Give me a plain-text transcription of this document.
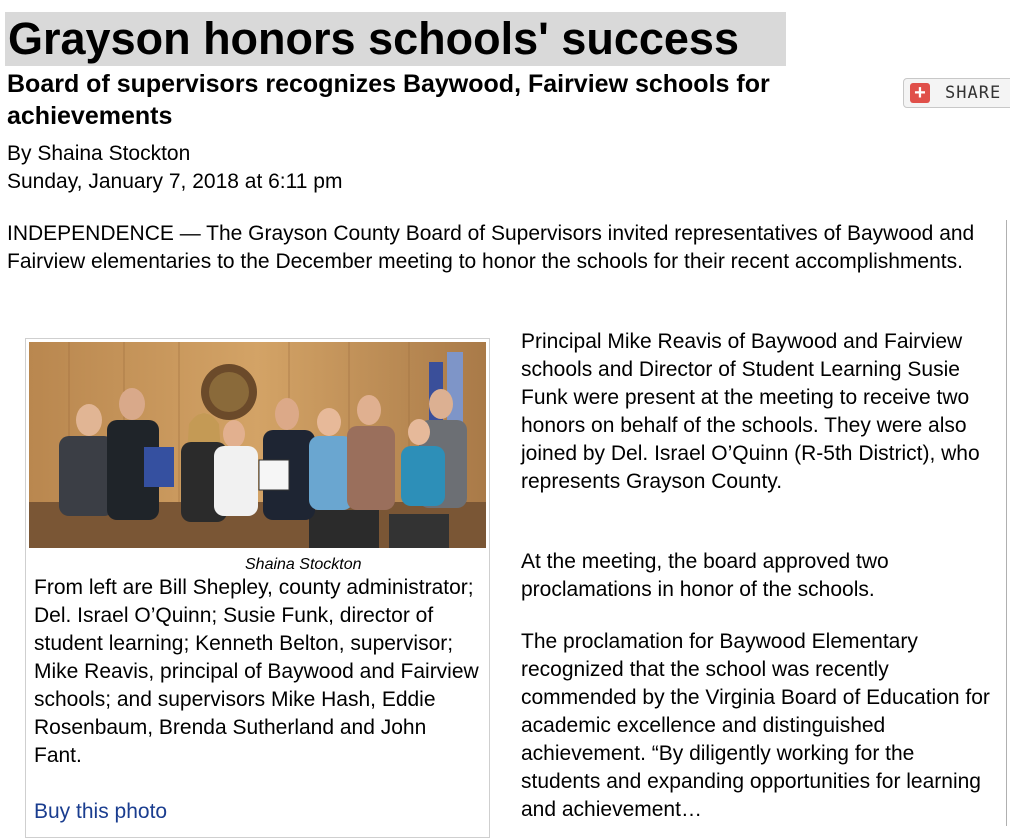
Grayson honors schools' success
Board of supervisors recognizes Baywood, Fairview schools for achievements
+ SHARE
By Shaina Stockton
Sunday, January 7, 2018 at 6:11 pm

INDEPENDENCE — The Grayson County Board of Supervisors invited representatives of Baywood and Fairview elementaries to the December meeting to honor the schools for their recent accomplishments.

Shaina Stockton

From left are Bill Shepley, county administrator; Del. Israel O’Quinn; Susie Funk, director of student learning; Kenneth Belton, supervisor; Mike Reavis, principal of Baywood and Fairview schools; and supervisors Mike Hash, Eddie Rosenbaum, Brenda Sutherland and John Fant.

Buy this photo

Principal Mike Reavis of Baywood and Fairview schools and Director of Student Learning Susie Funk were present at the meeting to receive two honors on behalf of the schools. They were also joined by Del. Israel O’Quinn (R-5th District), who represents Grayson County.

At the meeting, the board approved two proclamations in honor of the schools.

The proclamation for Baywood Elementary recognized that the school was recently commended by the Virginia Board of Education for academic excellence and distinguished achievement. “By diligently working for the students and expanding opportunities for learning and achievement…
